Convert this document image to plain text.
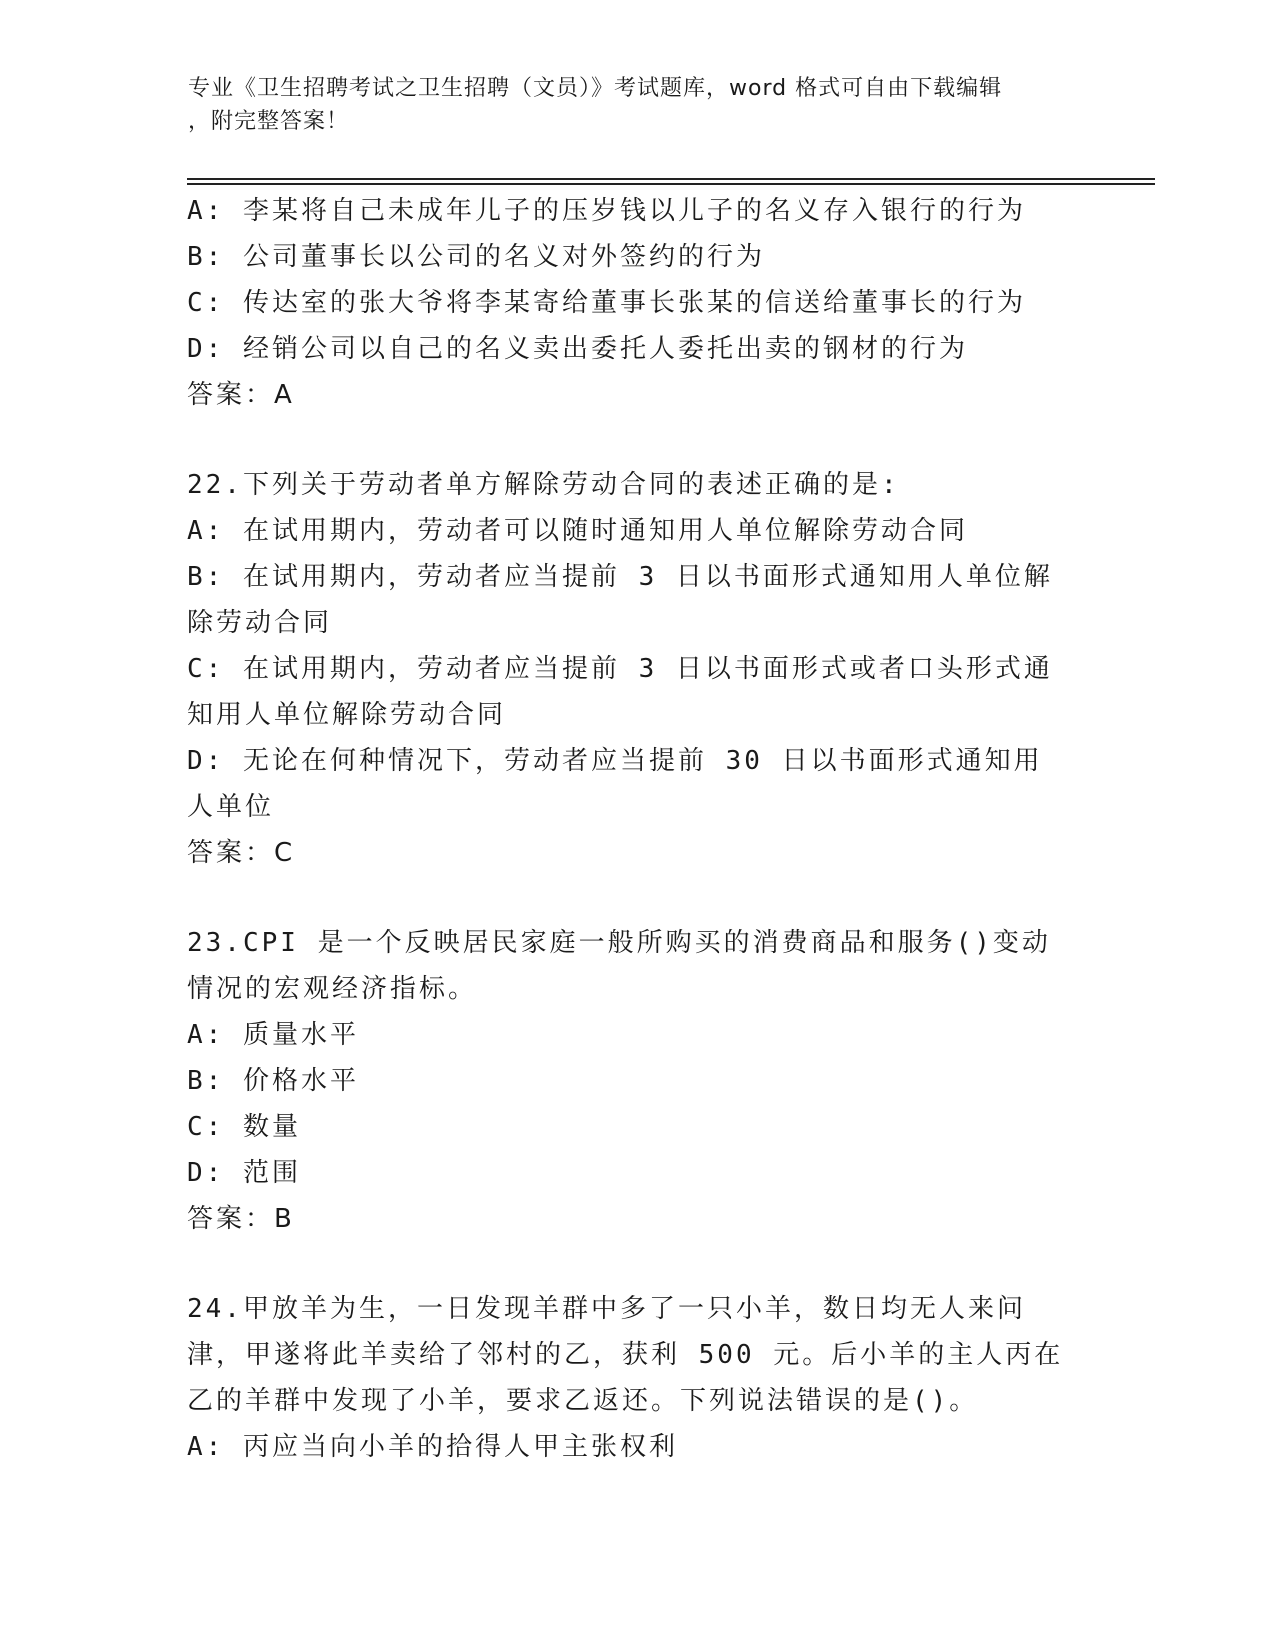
专业《卫生招聘考试之卫生招聘（文员）》考试题库，word 格式可自由下载编辑
，附完整答案！

A: 李某将自己未成年儿子的压岁钱以儿子的名义存入银行的行为

B: 公司董事长以公司的名义对外签约的行为

C: 传达室的张大爷将李某寄给董事长张某的信送给董事长的行为

D: 经销公司以自己的名义卖出委托人委托出卖的钢材的行为

答案：A

22.下列关于劳动者单方解除劳动合同的表述正确的是:

A: 在试用期内，劳动者可以随时通知用人单位解除劳动合同

B: 在试用期内，劳动者应当提前 3 日以书面形式通知用人单位解除劳动合同

C: 在试用期内，劳动者应当提前 3 日以书面形式或者口头形式通知用人单位解除劳动合同

D: 无论在何种情况下，劳动者应当提前 30 日以书面形式通知用人单位

答案：C

23.CPI 是一个反映居民家庭一般所购买的消费商品和服务()变动情况的宏观经济指标。

A: 质量水平

B: 价格水平

C: 数量

D: 范围

答案：B

24.甲放羊为生，一日发现羊群中多了一只小羊，数日均无人来问津，甲遂将此羊卖给了邻村的乙，获利 500 元。后小羊的主人丙在乙的羊群中发现了小羊，要求乙返还。下列说法错误的是()。

A: 丙应当向小羊的拾得人甲主张权利
